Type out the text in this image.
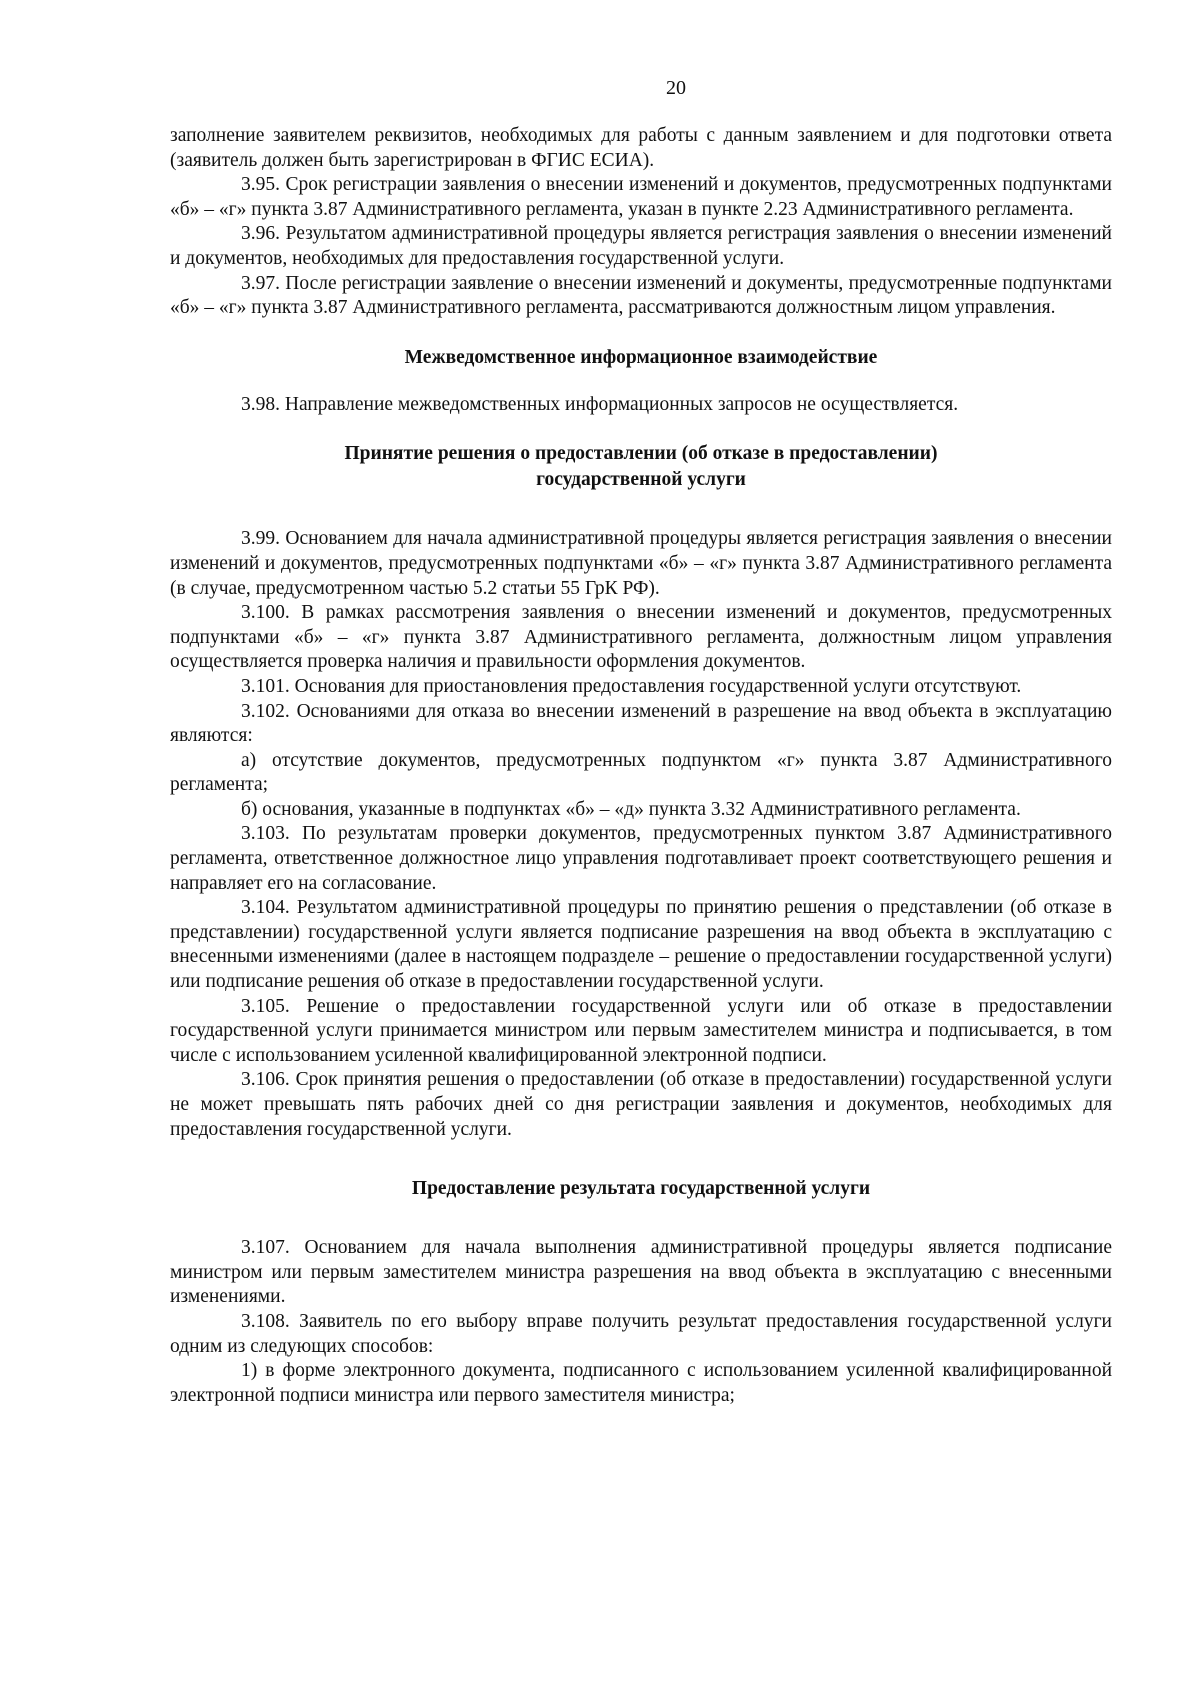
20

заполнение заявителем реквизитов, необходимых для работы с данным заявлением и для подготовки ответа (заявитель должен быть зарегистрирован в ФГИС ЕСИА).

3.95. Срок регистрации заявления о внесении изменений и документов, предусмотренных подпунктами «б» – «г» пункта 3.87 Административного регламента, указан в пункте 2.23 Административного регламента.

3.96. Результатом административной процедуры является регистрация заявления о внесении изменений и документов, необходимых для предоставления государственной услуги.

3.97. После регистрации заявление о внесении изменений и документы, предусмотренные подпунктами «б» – «г» пункта 3.87 Административного регламента, рассматриваются должностным лицом управления.

Межведомственное информационное взаимодействие

3.98. Направление межведомственных информационных запросов не осуществляется.

Принятие решения о предоставлении (об отказе в предоставлении)
государственной услуги

3.99. Основанием для начала административной процедуры является регистрация заявления о внесении изменений и документов, предусмотренных подпунктами «б» – «г» пункта 3.87 Административного регламента (в случае, предусмотренном частью 5.2 статьи 55 ГрК РФ).

3.100. В рамках рассмотрения заявления о внесении изменений и документов, предусмотренных подпунктами «б» – «г» пункта 3.87 Административного регламента, должностным лицом управления осуществляется проверка наличия и правильности оформления документов.

3.101. Основания для приостановления предоставления государственной услуги отсутствуют.

3.102. Основаниями для отказа во внесении изменений в разрешение на ввод объекта в эксплуатацию являются:

а) отсутствие документов, предусмотренных подпунктом «г» пункта 3.87 Административного регламента;

б) основания, указанные в подпунктах «б» – «д» пункта 3.32 Административного регламента.

3.103. По результатам проверки документов, предусмотренных пунктом 3.87 Административного регламента, ответственное должностное лицо управления подготавливает проект соответствующего решения и направляет его на согласование.

3.104. Результатом административной процедуры по принятию решения о представлении (об отказе в представлении) государственной услуги является подписание разрешения на ввод объекта в эксплуатацию с внесенными изменениями (далее в настоящем подразделе – решение о предоставлении государственной услуги) или подписание решения об отказе в предоставлении государственной услуги.

3.105. Решение о предоставлении государственной услуги или об отказе в предоставлении государственной услуги принимается министром или первым заместителем министра и подписывается, в том числе с использованием усиленной квалифицированной электронной подписи.

3.106. Срок принятия решения о предоставлении (об отказе в предоставлении) государственной услуги не может превышать пять рабочих дней со дня регистрации заявления и документов, необходимых для предоставления государственной услуги.

Предоставление результата государственной услуги

3.107. Основанием для начала выполнения административной процедуры является подписание министром или первым заместителем министра разрешения на ввод объекта в эксплуатацию с внесенными изменениями.

3.108. Заявитель по его выбору вправе получить результат предоставления государственной услуги одним из следующих способов:

1) в форме электронного документа, подписанного с использованием усиленной квалифицированной электронной подписи министра или первого заместителя министра;
